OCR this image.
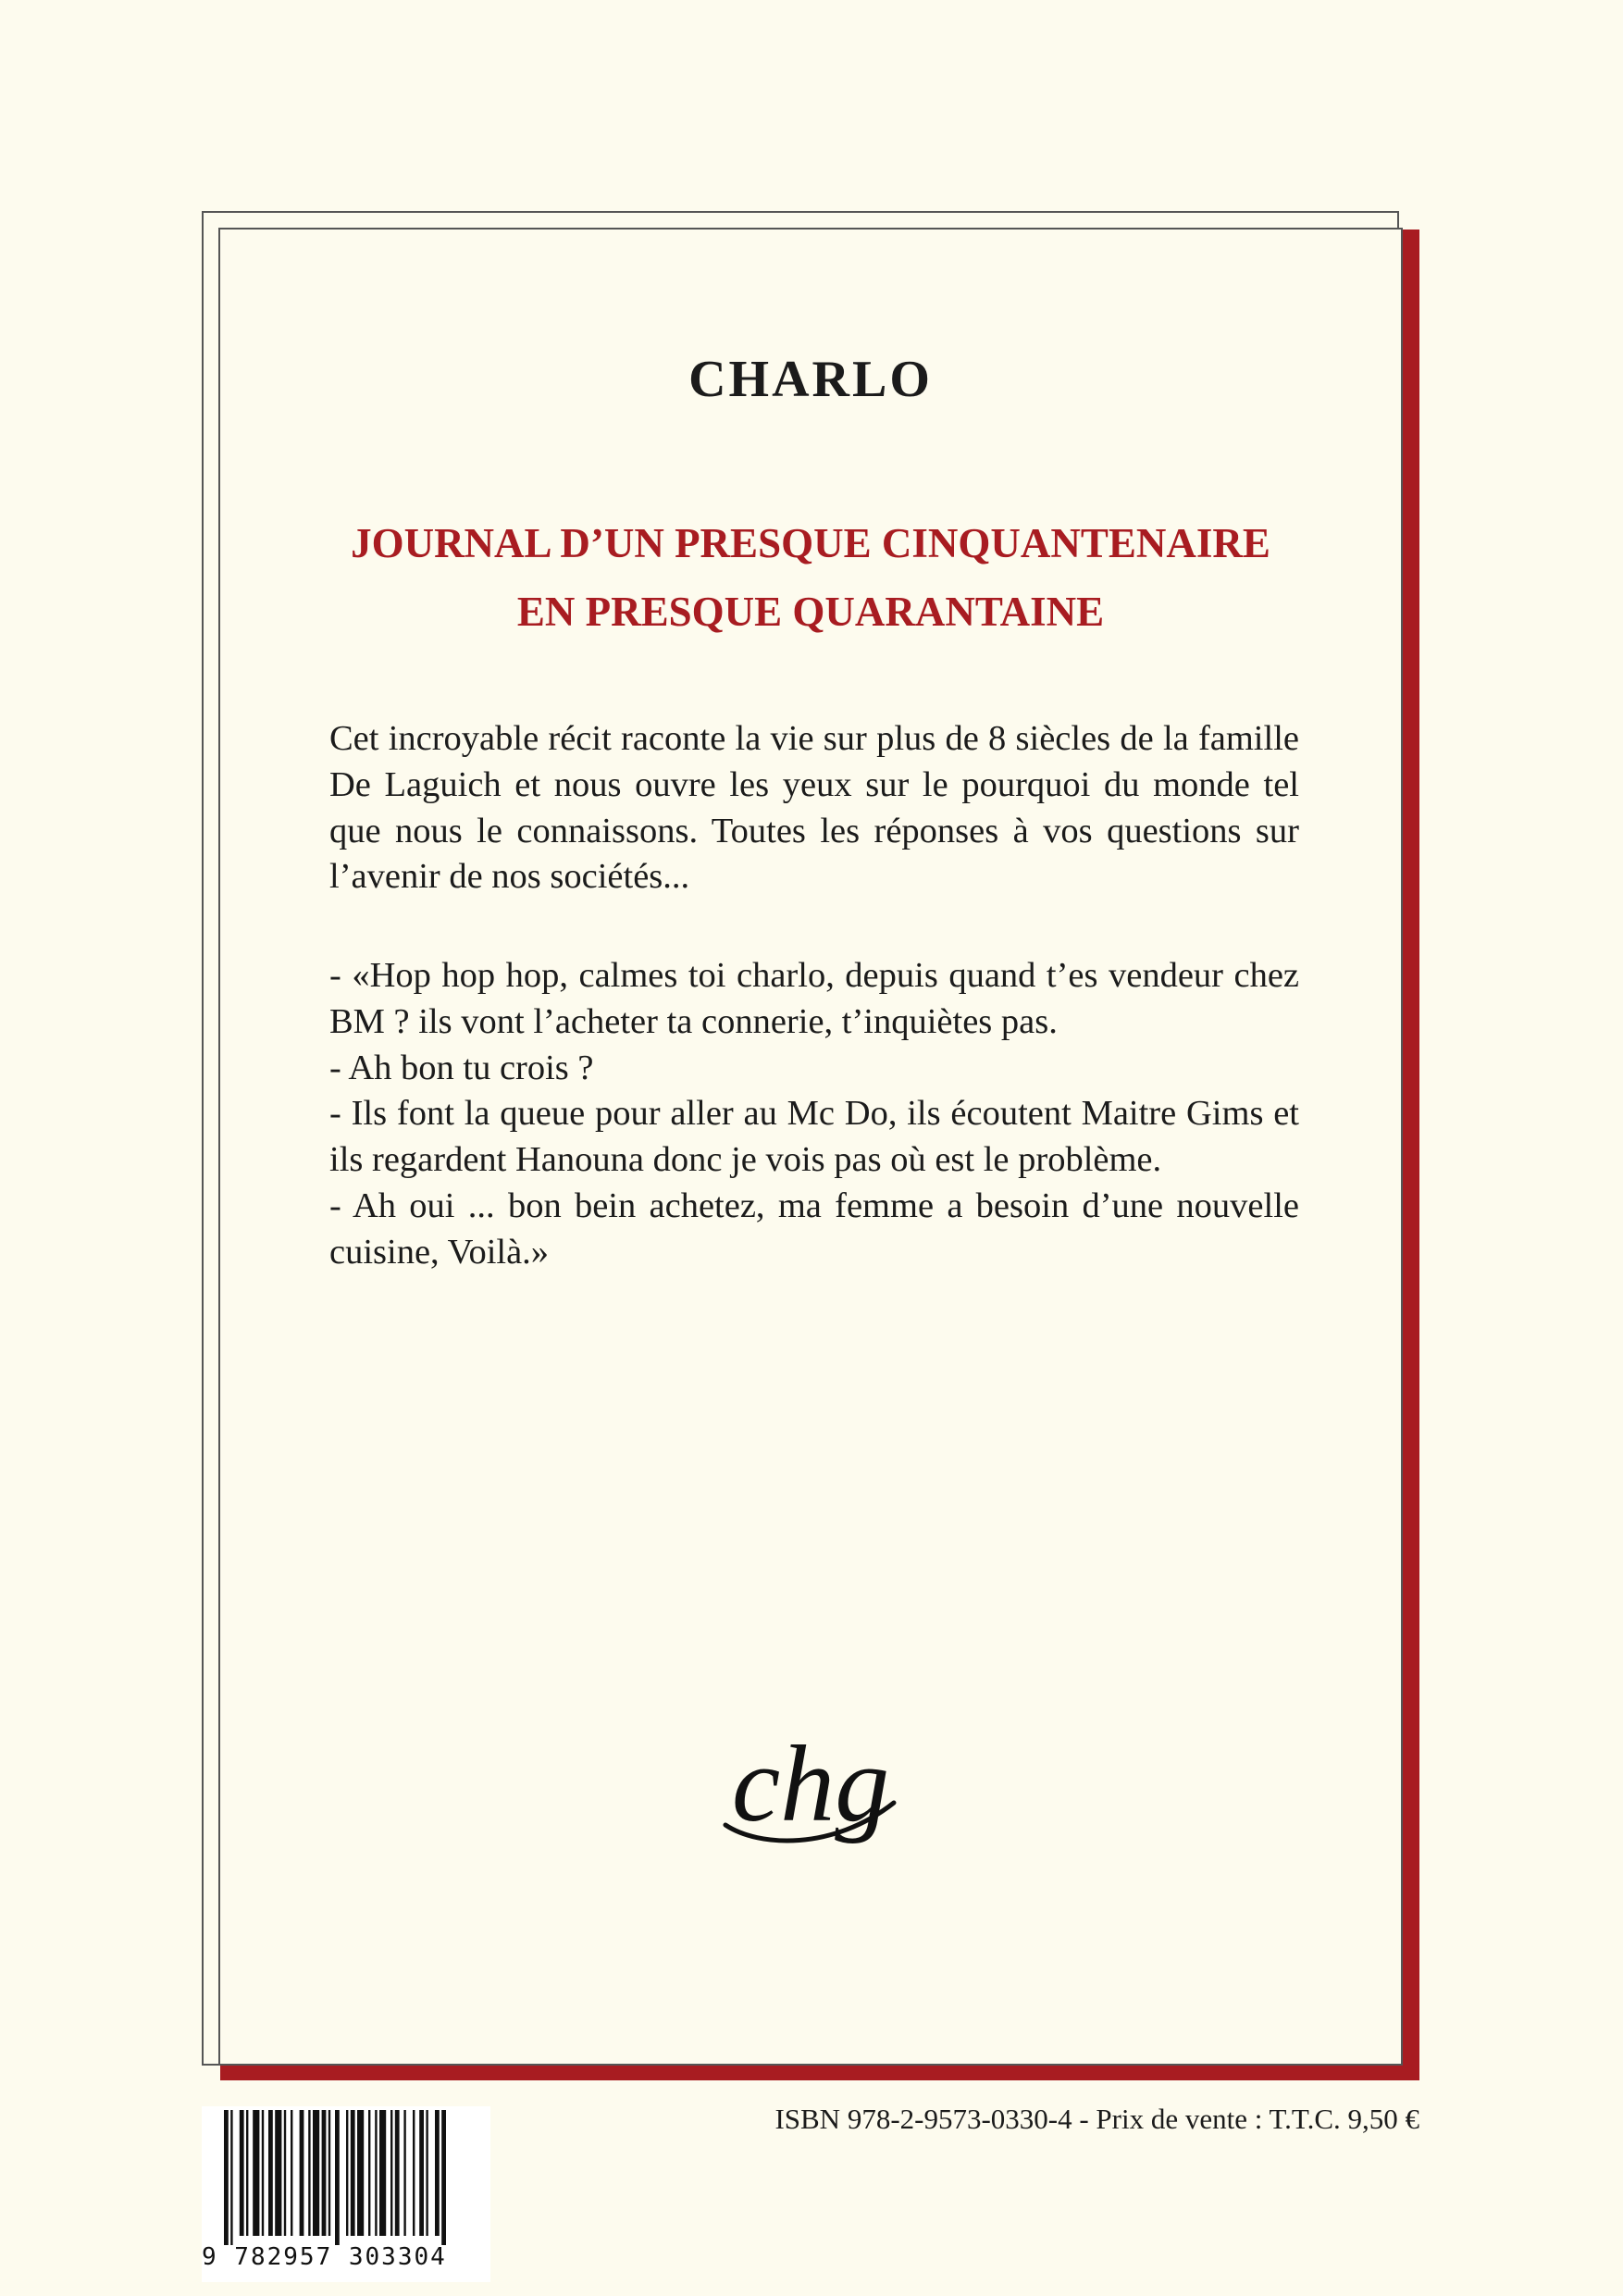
CHARLO
JOURNAL D’UN PRESQUE CINQUANTENAIRE
EN PRESQUE QUARANTAINE

Cet incroyable récit raconte la vie sur plus de 8 siècles de la famille De Laguich et nous ouvre les yeux sur le pourquoi du monde tel que nous le connaissons. Toutes les réponses à vos questions sur l’avenir de nos sociétés...

- «Hop hop hop, calmes toi charlo, depuis quand t’es vendeur chez BM ? ils vont l’acheter ta connerie, t’inquiètes pas.

- Ah bon tu crois ?

- Ils font la queue pour aller au Mc Do, ils écoutent Maitre Gims et ils regardent Hanouna donc je vois pas où est le problème.

- Ah oui ... bon bein achetez, ma femme a besoin d’une nouvelle cuisine, Voilà.»

chg
9 782957 303304
ISBN 978-2-9573-0330-4 - Prix de vente : T.T.C. 9,50 €
